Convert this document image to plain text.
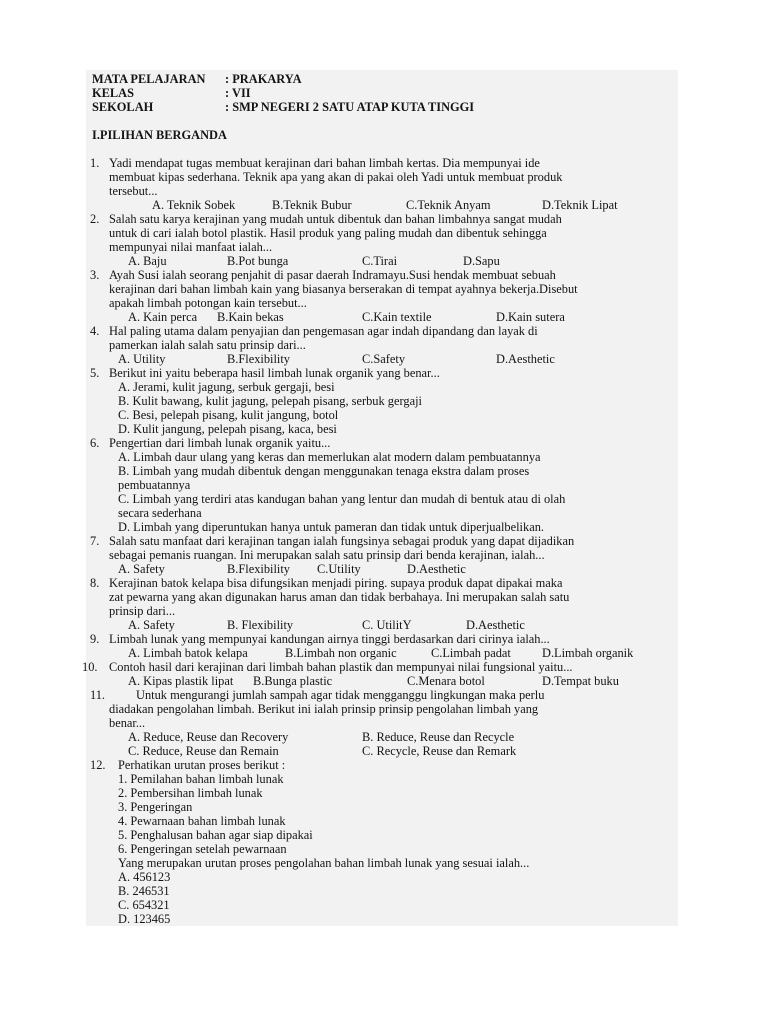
MATA PELAJARAN : PRAKARYA
KELAS	: VII
SEKOLAH	: SMP NEGERI 2 SATU ATAP KUTA TINGGI
I.PILIHAN BERGANDA
1. Yadi mendapat tugas membuat kerajinan dari bahan limbah kertas. Dia mempunyai ide
membuat kipas sederhana. Teknik apa yang akan di pakai oleh Yadi untuk membuat produk
tersebut...
A. Teknik Sobek	B.Teknik Bubur	C.Teknik Anyam	D.Teknik Lipat
2. Salah satu karya kerajinan yang mudah untuk dibentuk dan bahan limbahnya sangat mudah
untuk di cari ialah botol plastik. Hasil produk yang paling mudah dan dibentuk sehingga
mempunyai nilai manfaat ialah...
A. Baju	B.Pot bunga	C.Tirai	D.Sapu
3. Ayah Susi ialah seorang penjahit di pasar daerah Indramayu.Susi hendak membuat sebuah
kerajinan dari bahan limbah kain yang biasanya berserakan di tempat ayahnya bekerja.Disebut
apakah limbah potongan kain tersebut...
A. Kain perca B.Kain bekas	C.Kain textile	D.Kain sutera
4. Hal paling utama dalam penyajian dan pengemasan agar indah dipandang dan layak di
pamerkan ialah salah satu prinsip dari...
A. Utility	B.Flexibility	C.Safety	D.Aesthetic
5. Berikut ini yaitu beberapa hasil limbah lunak organik yang benar...
A. Jerami, kulit jagung, serbuk gergaji, besi
B. Kulit bawang, kulit jagung, pelepah pisang, serbuk gergaji
C. Besi, pelepah pisang, kulit jangung, botol
D. Kulit jangung, pelepah pisang, kaca, besi
6. Pengertian dari limbah lunak organik yaitu...
A. Limbah daur ulang yang keras dan memerlukan alat modern dalam pembuatannya
B. Limbah yang mudah dibentuk dengan menggunakan tenaga ekstra dalam proses
pembuatannya
C. Limbah yang terdiri atas kandugan bahan yang lentur dan mudah di bentuk atau di olah
secara sederhana
D. Limbah yang diperuntukan hanya untuk pameran dan tidak untuk diperjualbelikan.
7. Salah satu manfaat dari kerajinan tangan ialah fungsinya sebagai produk yang dapat dijadikan
sebagai pemanis ruangan. Ini merupakan salah satu prinsip dari benda kerajinan, ialah...
A. Safety	B.Flexibility C.Utility	D.Aesthetic
8. Kerajinan batok kelapa bisa difungsikan menjadi piring. supaya produk dapat dipakai maka
zat pewarna yang akan digunakan harus aman dan tidak berbahaya. Ini merupakan salah satu
prinsip dari...
A. Safety	B. Flexibility	C. UtilitY	D.Aesthetic
9. Limbah lunak yang mempunyai kandungan airnya tinggi berdasarkan dari cirinya ialah...
A. Limbah batok kelapa	B.Limbah non organic	C.Limbah padat	D.Limbah organik
10. Contoh hasil dari kerajinan dari limbah bahan plastik dan mempunyai nilai fungsional yaitu...
A. Kipas plastik lipat B.Bunga plastic	C.Menara botol	D.Tempat buku
11. Untuk mengurangi jumlah sampah agar tidak mengganggu lingkungan maka perlu
diadakan pengolahan limbah. Berikut ini ialah prinsip prinsip pengolahan limbah yang
benar...
A. Reduce, Reuse dan Recovery	B. Reduce, Reuse dan Recycle
C. Reduce, Reuse dan Remain	C. Recycle, Reuse dan Remark
12. Perhatikan urutan proses berikut :
1. Pemilahan bahan limbah lunak
2. Pembersihan limbah lunak
3. Pengeringan
4. Pewarnaan bahan limbah lunak
5. Penghalusan bahan agar siap dipakai
6. Pengeringan setelah pewarnaan
Yang merupakan urutan proses pengolahan bahan limbah lunak yang sesuai ialah...
A. 456123
B. 246531
C. 654321
D. 123465
